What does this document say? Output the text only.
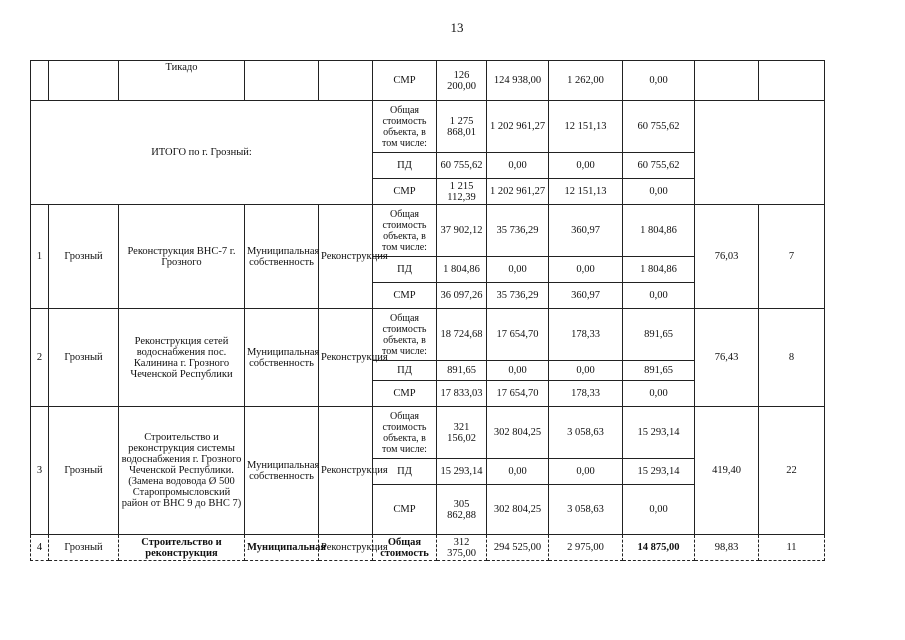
13
		Тикадо			СМР	126 200,00	124 938,00	1 262,00	0,00		
ИТОГО по г. Грозный:					Общая стоимость объекта, в том числе:	1 275 868,01	1 202 961,27	12 151,13	60 755,62		
					ПД	60 755,62	0,00	0,00	60 755,62		
					СМР	1 215 112,39	1 202 961,27	12 151,13	0,00		
1	Грозный	Реконструкция ВНС-7 г. Грозного	Муниципальная собственность	Реконструкция	Общая стоимость объекта, в том числе:	37 902,12	35 736,29	360,97	1 804,86	76,03	7
					ПД	1 804,86	0,00	0,00	1 804,86		
					СМР	36 097,26	35 736,29	360,97	0,00		
2	Грозный	Реконструкция сетей водоснабжения пос. Калинина г. Грозного Чеченской Республики	Муниципальная собственность	Реконструкция	Общая стоимость объекта, в том числе:	18 724,68	17 654,70	178,33	891,65	76,43	8
					ПД	891,65	0,00	0,00	891,65		
					СМР	17 833,03	17 654,70	178,33	0,00		
3	Грозный	Строительство и реконструкция системы водоснабжения г. Грозного Чеченской Республики. (Замена водовода Ø 500 Старопромысловский район от ВНС 9 до ВНС 7)	Муниципальная собственность	Реконструкция	Общая стоимость объекта, в том числе:	321 156,02	302 804,25	3 058,63	15 293,14	419,40	22
					ПД	15 293,14	0,00	0,00	15 293,14		
					СМР	305 862,88	302 804,25	3 058,63	0,00		
4	Грозный	Строительство и реконструкция	Муниципальная	Реконструкция	Общая стоимость	312 375,00	294 525,00	2 975,00	14 875,00	98,83	11
